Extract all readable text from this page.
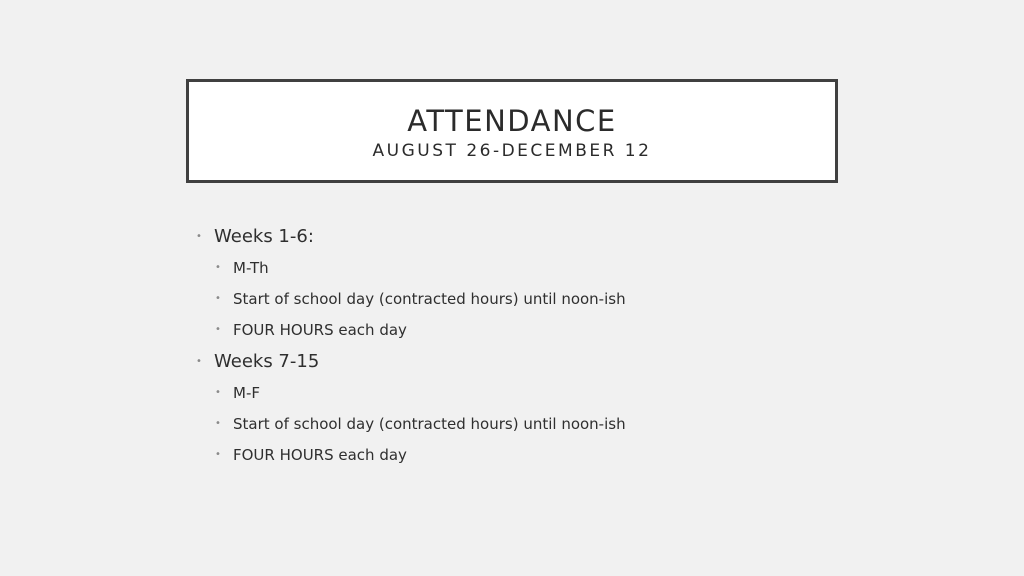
ATTENDANCE
AUGUST 26-DECEMBER 12
• Weeks 1-6:
• M-Th
• Start of school day (contracted hours) until noon-ish
• FOUR HOURS each day
• Weeks 7-15
• M-F
• Start of school day (contracted hours) until noon-ish
• FOUR HOURS each day
